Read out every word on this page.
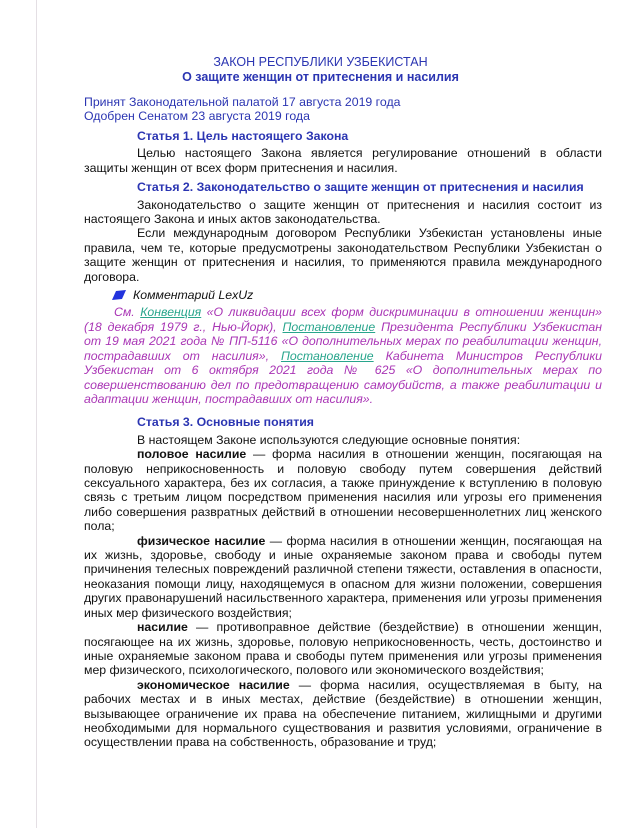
ЗАКОН РЕСПУБЛИКИ УЗБЕКИСТАН
О защите женщин от притеснения и насилия
Принят Законодательной палатой 17 августа 2019 года
Одобрен Сенатом 23 августа 2019 года
Статья 1. Цель настоящего Закона

Целью настоящего Закона является регулирование отношений в области защиты женщин от всех форм притеснения и насилия.

Статья 2. Законодательство о защите женщин от притеснения и насилия

Законодательство о защите женщин от притеснения и насилия состоит из настоящего Закона и иных актов законодательства.

Если международным договором Республики Узбекистан установлены иные правила, чем те, которые предусмотрены законодательством Республики Узбекистан о защите женщин от притеснения и насилия, то применяются правила международного договора.

Комментарий LexUz

См. Конвенция «О ликвидации всех форм дискриминации в отношении женщин» (18 декабря 1979 г., Нью-Йорк), Постановление Президента Республики Узбекистан от 19 мая 2021 года № ПП-5116 «О дополнительных мерах по реабилитации женщин, пострадавших от насилия», Постановление Кабинета Министров Республики Узбекистан от 6 октября 2021 года № 625 «О дополнительных мерах по совершенствованию дел по предотвращению самоубийств, а также реабилитации и адаптации женщин, пострадавших от насилия».

Статья 3. Основные понятия

В настоящем Законе используются следующие основные понятия:

половое насилие — форма насилия в отношении женщин, посягающая на половую неприкосновенность и половую свободу путем совершения действий сексуального характера, без их согласия, а также принуждение к вступлению в половую связь с третьим лицом посредством применения насилия или угрозы его применения либо совершения развратных действий в отношении несовершеннолетних лиц женского пола;

физическое насилие — форма насилия в отношении женщин, посягающая на их жизнь, здоровье, свободу и иные охраняемые законом права и свободы путем причинения телесных повреждений различной степени тяжести, оставления в опасности, неоказания помощи лицу, находящемуся в опасном для жизни положении, совершения других правонарушений насильственного характера, применения или угрозы применения иных мер физического воздействия;

насилие — противоправное действие (бездействие) в отношении женщин, посягающее на их жизнь, здоровье, половую неприкосновенность, честь, достоинство и иные охраняемые законом права и свободы путем применения или угрозы применения мер физического, психологического, полового или экономического воздействия;

экономическое насилие — форма насилия, осуществляемая в быту, на рабочих местах и в иных местах, действие (бездействие) в отношении женщин, вызывающее ограничение их права на обеспечение питанием, жилищными и другими необходимыми для нормального существования и развития условиями, ограничение в осуществлении права на собственность, образование и труд;
